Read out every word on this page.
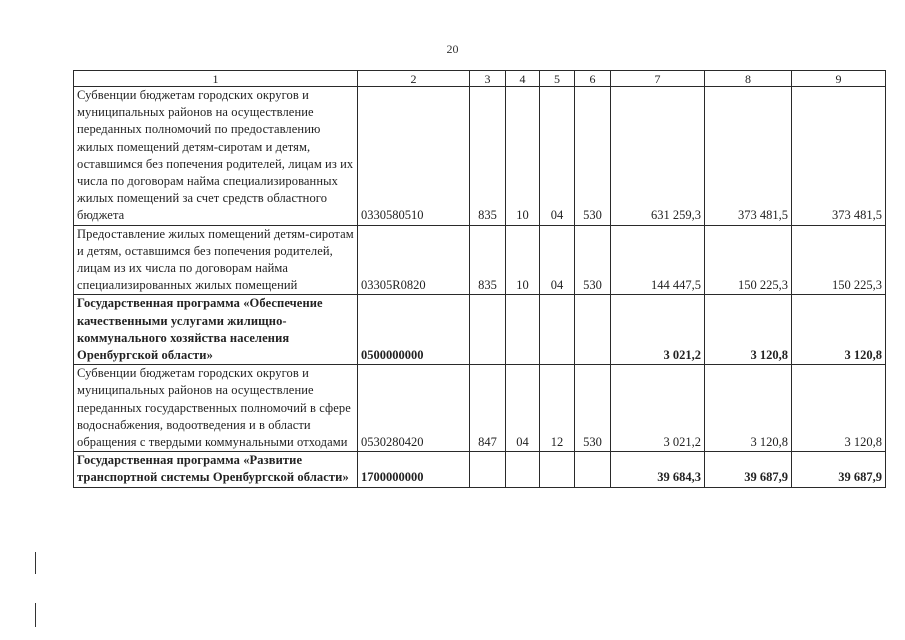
20
1	2	3	4	5	6	7	8	9
Субвенции бюджетам городских округов и муниципальных районов на осуществление переданных полномочий по предоставлению жилых помещений детям-сиротам и детям, оставшимся без попечения родителей, лицам из их числа по договорам найма специализированных жилых помещений за счет средств областного бюджета	0330580510	835	10	04	530	631 259,3	373 481,5	373 481,5
Предоставление жилых помещений детям-сиротам и детям, оставшимся без попечения родителей, лицам из их числа по договорам найма специализированных жилых помещений	03305R0820	835	10	04	530	144 447,5	150 225,3	150 225,3
Государственная программа «Обеспечение качественными услугами жилищно-коммунального хозяйства населения Оренбургской области»	0500000000					3 021,2	3 120,8	3 120,8
Субвенции бюджетам городских округов и муниципальных районов на осуществление переданных государственных полномочий в сфере водоснабжения, водоотведения и в области обращения с твердыми коммунальными отходами	0530280420	847	04	12	530	3 021,2	3 120,8	3 120,8
Государственная программа «Развитие транспортной системы Оренбургской области»	1700000000					39 684,3	39 687,9	39 687,9
